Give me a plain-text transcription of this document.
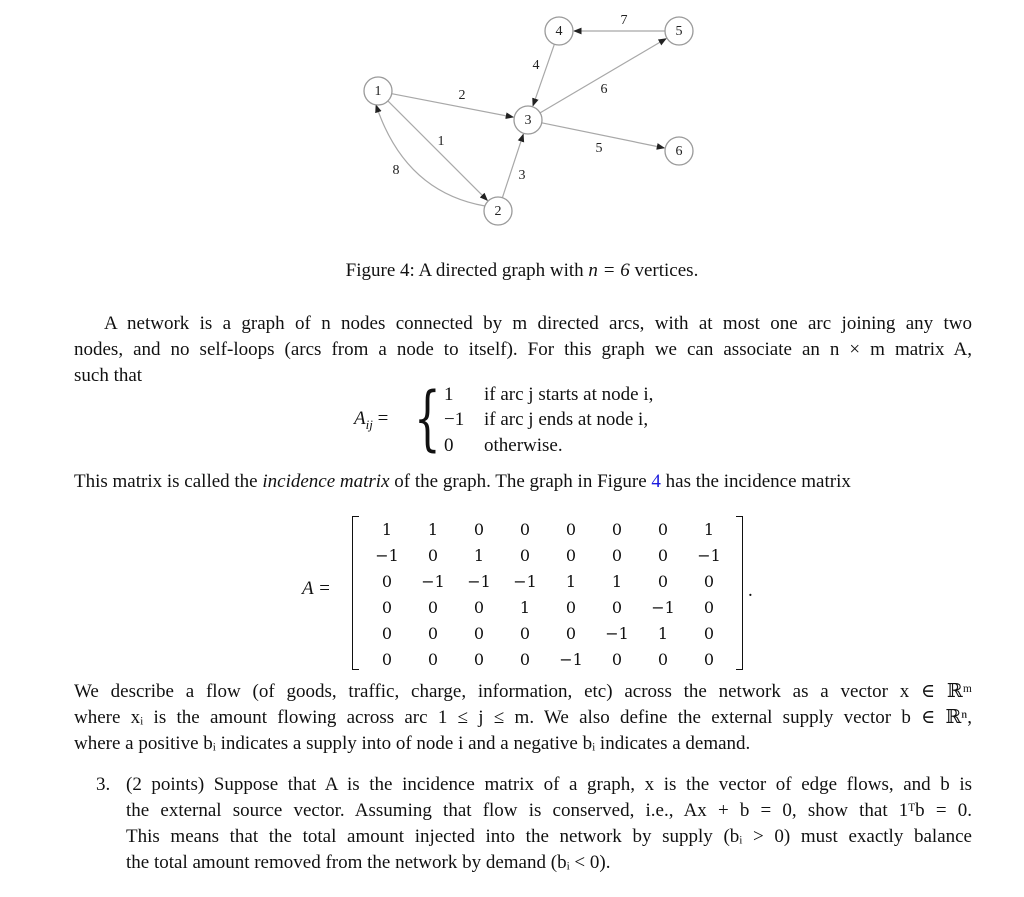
1
2
3
4
5
6
7
8
1
2
3
4	5
6
Figure 4: A directed graph with n = 6 vertices.
A network is a graph of n nodes connected by m directed arcs, with at most one arc joining any two
nodes, and no self-loops (arcs from a node to itself). For this graph we can associate an n × m matrix A,
such that
$A_{ij}$ = { 1 if arc j starts at node i,
−1 if arc j ends at node i,
0 otherwise.
This matrix is called the incidence matrix of the graph. The graph in Figure 4 has the incidence matrix
A =
1	1	0	0	0	0	0	1
−1	0	1	0	0	0	0	−1
0	−1	−1	−1	1	1	0	0
0	0	0	1	0	0	−1	0
0	0	0	0	0	−1	1	0
0	0	0	0	−1	0	0	0
.
We describe a flow (of goods, traffic, charge, information, etc) across the network as a vector x ∈ ℝᵐ
where xᵢ is the amount flowing across arc 1 ≤ j ≤ m. We also define the external supply vector b ∈ ℝⁿ,
where a positive bᵢ indicates a supply into of node i and a negative bᵢ indicates a demand.
3. (2 points) Suppose that A is the incidence matrix of a graph, x is the vector of edge flows, and b is
the external source vector. Assuming that flow is conserved, i.e., Ax + b = 0, show that 1ᵀb = 0.
This means that the total amount injected into the network by supply (bᵢ > 0) must exactly balance
the total amount removed from the network by demand (bᵢ < 0).
